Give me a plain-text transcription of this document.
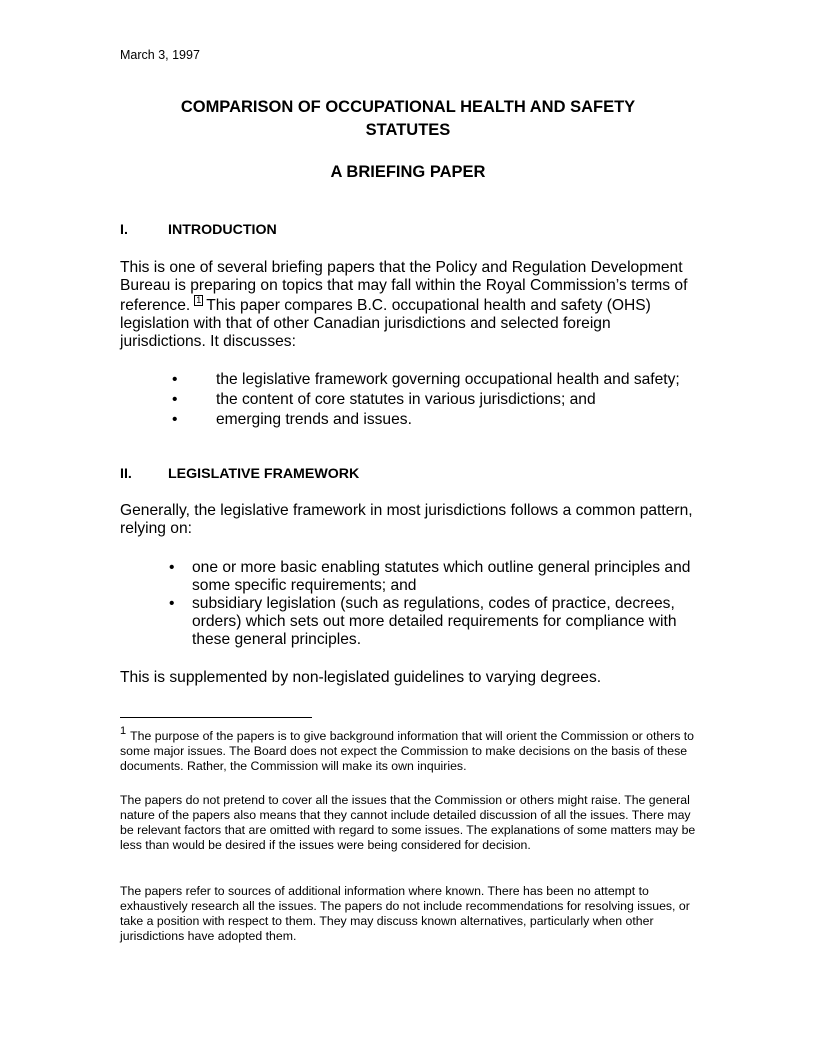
March 3, 1997
COMPARISON OF OCCUPATIONAL HEALTH AND SAFETY
STATUTES
A BRIEFING PAPER
I.	INTRODUCTION

This is one of several briefing papers that the Policy and Regulation Development Bureau is preparing on topics that may fall within the Royal Commission’s terms of reference. 1 This paper compares B.C. occupational health and safety (OHS) legislation with that of other Canadian jurisdictions and selected foreign jurisdictions. It discusses:

• the legislative framework governing occupational health and safety;
• the content of core statutes in various jurisdictions; and
• emerging trends and issues.
II.	LEGISLATIVE FRAMEWORK

Generally, the legislative framework in most jurisdictions follows a common pattern, relying on:

• one or more basic enabling statutes which outline general principles and some specific requirements; and
• subsidiary legislation (such as regulations, codes of practice, decrees, orders) which sets out more detailed requirements for compliance with these general principles.

This is supplemented by non-legislated guidelines to varying degrees.

1 The purpose of the papers is to give background information that will orient the Commission or others to some major issues. The Board does not expect the Commission to make decisions on the basis of these documents. Rather, the Commission will make its own inquiries.

The papers do not pretend to cover all the issues that the Commission or others might raise. The general nature of the papers also means that they cannot include detailed discussion of all the issues. There may be relevant factors that are omitted with regard to some issues. The explanations of some matters may be less than would be desired if the issues were being considered for decision.

The papers refer to sources of additional information where known. There has been no attempt to exhaustively research all the issues. The papers do not include recommendations for resolving issues, or take a position with respect to them. They may discuss known alternatives, particularly when other jurisdictions have adopted them.
